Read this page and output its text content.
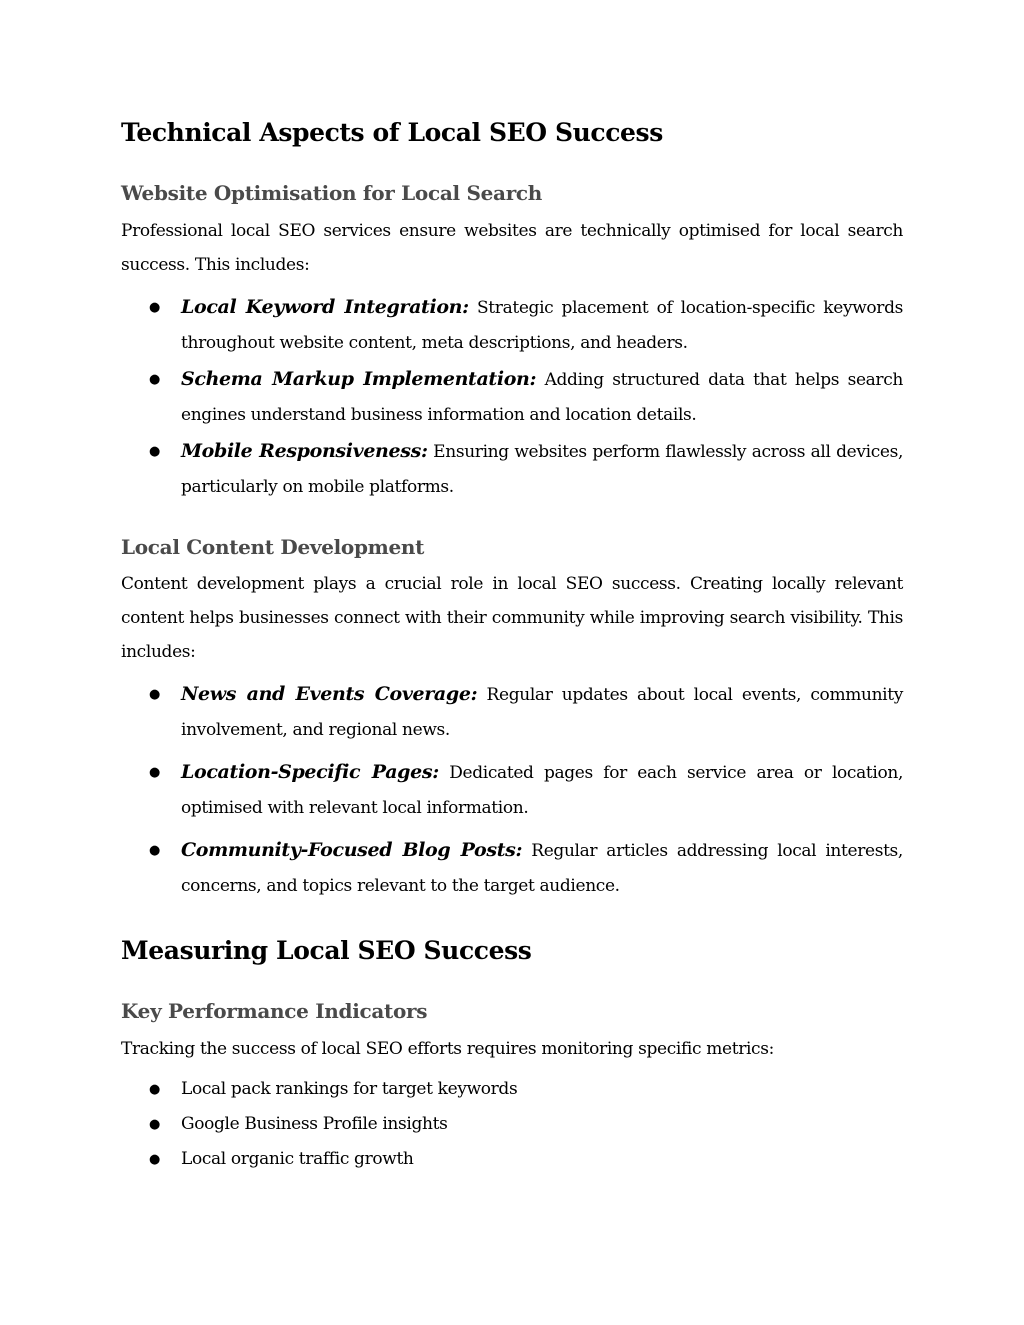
Technical Aspects of Local SEO Success
Website Optimisation for Local Search

Professional local SEO services ensure websites are technically optimised for local search success. This includes:

● Local Keyword Integration: Strategic placement of location-specific keywords throughout website content, meta descriptions, and headers.
● Schema Markup Implementation: Adding structured data that helps search engines understand business information and location details.
● Mobile Responsiveness: Ensuring websites perform flawlessly across all devices, particularly on mobile platforms.
Local Content Development

Content development plays a crucial role in local SEO success. Creating locally relevant content helps businesses connect with their community while improving search visibility. This includes:

● News and Events Coverage: Regular updates about local events, community involvement, and regional news.
● Location-Specific Pages: Dedicated pages for each service area or location, optimised with relevant local information.
● Community-Focused Blog Posts: Regular articles addressing local interests, concerns, and topics relevant to the target audience.
Measuring Local SEO Success
Key Performance Indicators

Tracking the success of local SEO efforts requires monitoring specific metrics:

● Local pack rankings for target keywords
● Google Business Profile insights
● Local organic traffic growth
